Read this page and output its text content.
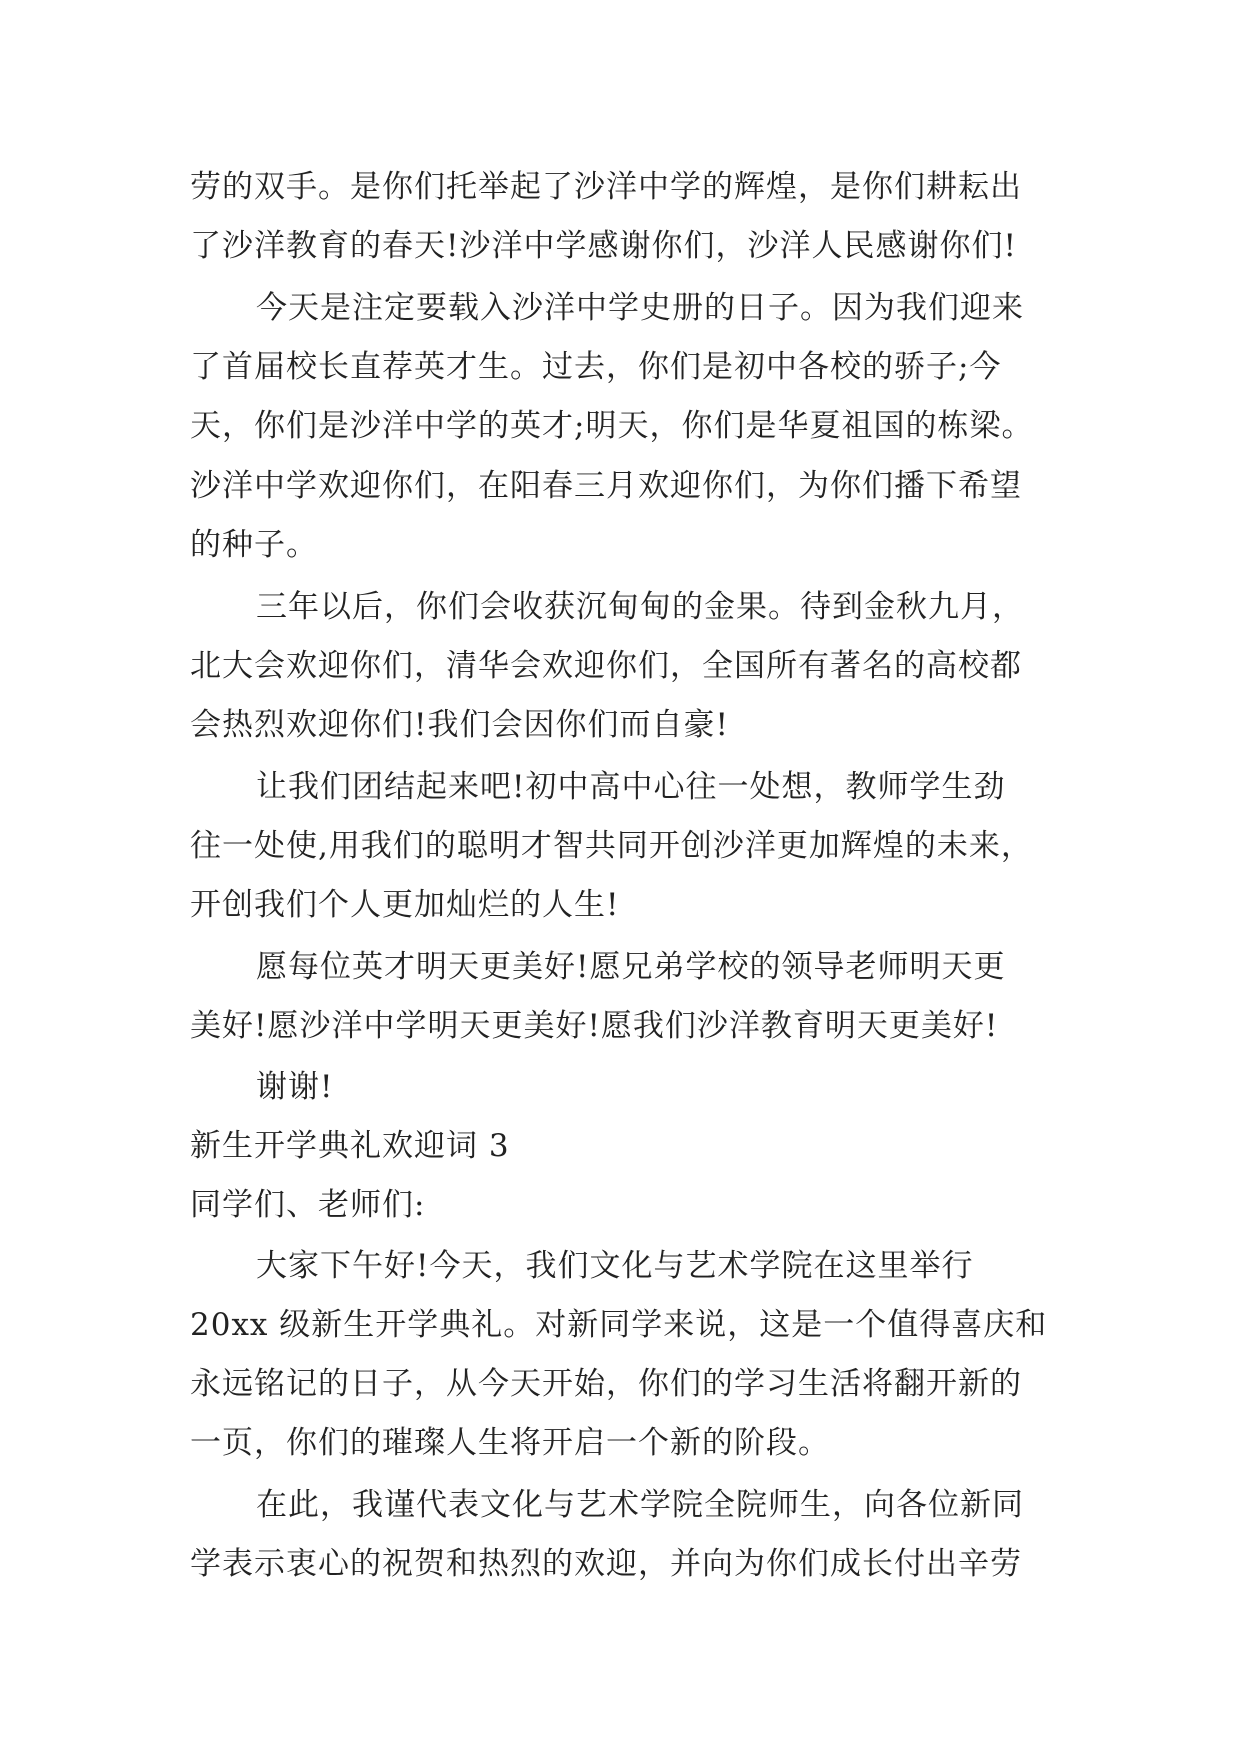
劳的双手。是你们托举起了沙洋中学的辉煌，是你们耕耘出
了沙洋教育的春天!沙洋中学感谢你们，沙洋人民感谢你们!
今天是注定要载入沙洋中学史册的日子。因为我们迎来
了首届校长直荐英才生。过去，你们是初中各校的骄子;今
天，你们是沙洋中学的英才;明天，你们是华夏祖国的栋梁。
沙洋中学欢迎你们，在阳春三月欢迎你们，为你们播下希望
的种子。
三年以后，你们会收获沉甸甸的金果。待到金秋九月，
北大会欢迎你们，清华会欢迎你们，全国所有著名的高校都
会热烈欢迎你们!我们会因你们而自豪!
让我们团结起来吧!初中高中心往一处想，教师学生劲
往一处使,用我们的聪明才智共同开创沙洋更加辉煌的未来，
开创我们个人更加灿烂的人生!
愿每位英才明天更美好!愿兄弟学校的领导老师明天更
美好!愿沙洋中学明天更美好!愿我们沙洋教育明天更美好!
谢谢!
新生开学典礼欢迎词 3
同学们、老师们:
大家下午好!今天，我们文化与艺术学院在这里举行
20xx 级新生开学典礼。对新同学来说，这是一个值得喜庆和
永远铭记的日子，从今天开始，你们的学习生活将翻开新的
一页，你们的璀璨人生将开启一个新的阶段。
在此，我谨代表文化与艺术学院全院师生，向各位新同
学表示衷心的祝贺和热烈的欢迎，并向为你们成长付出辛劳
